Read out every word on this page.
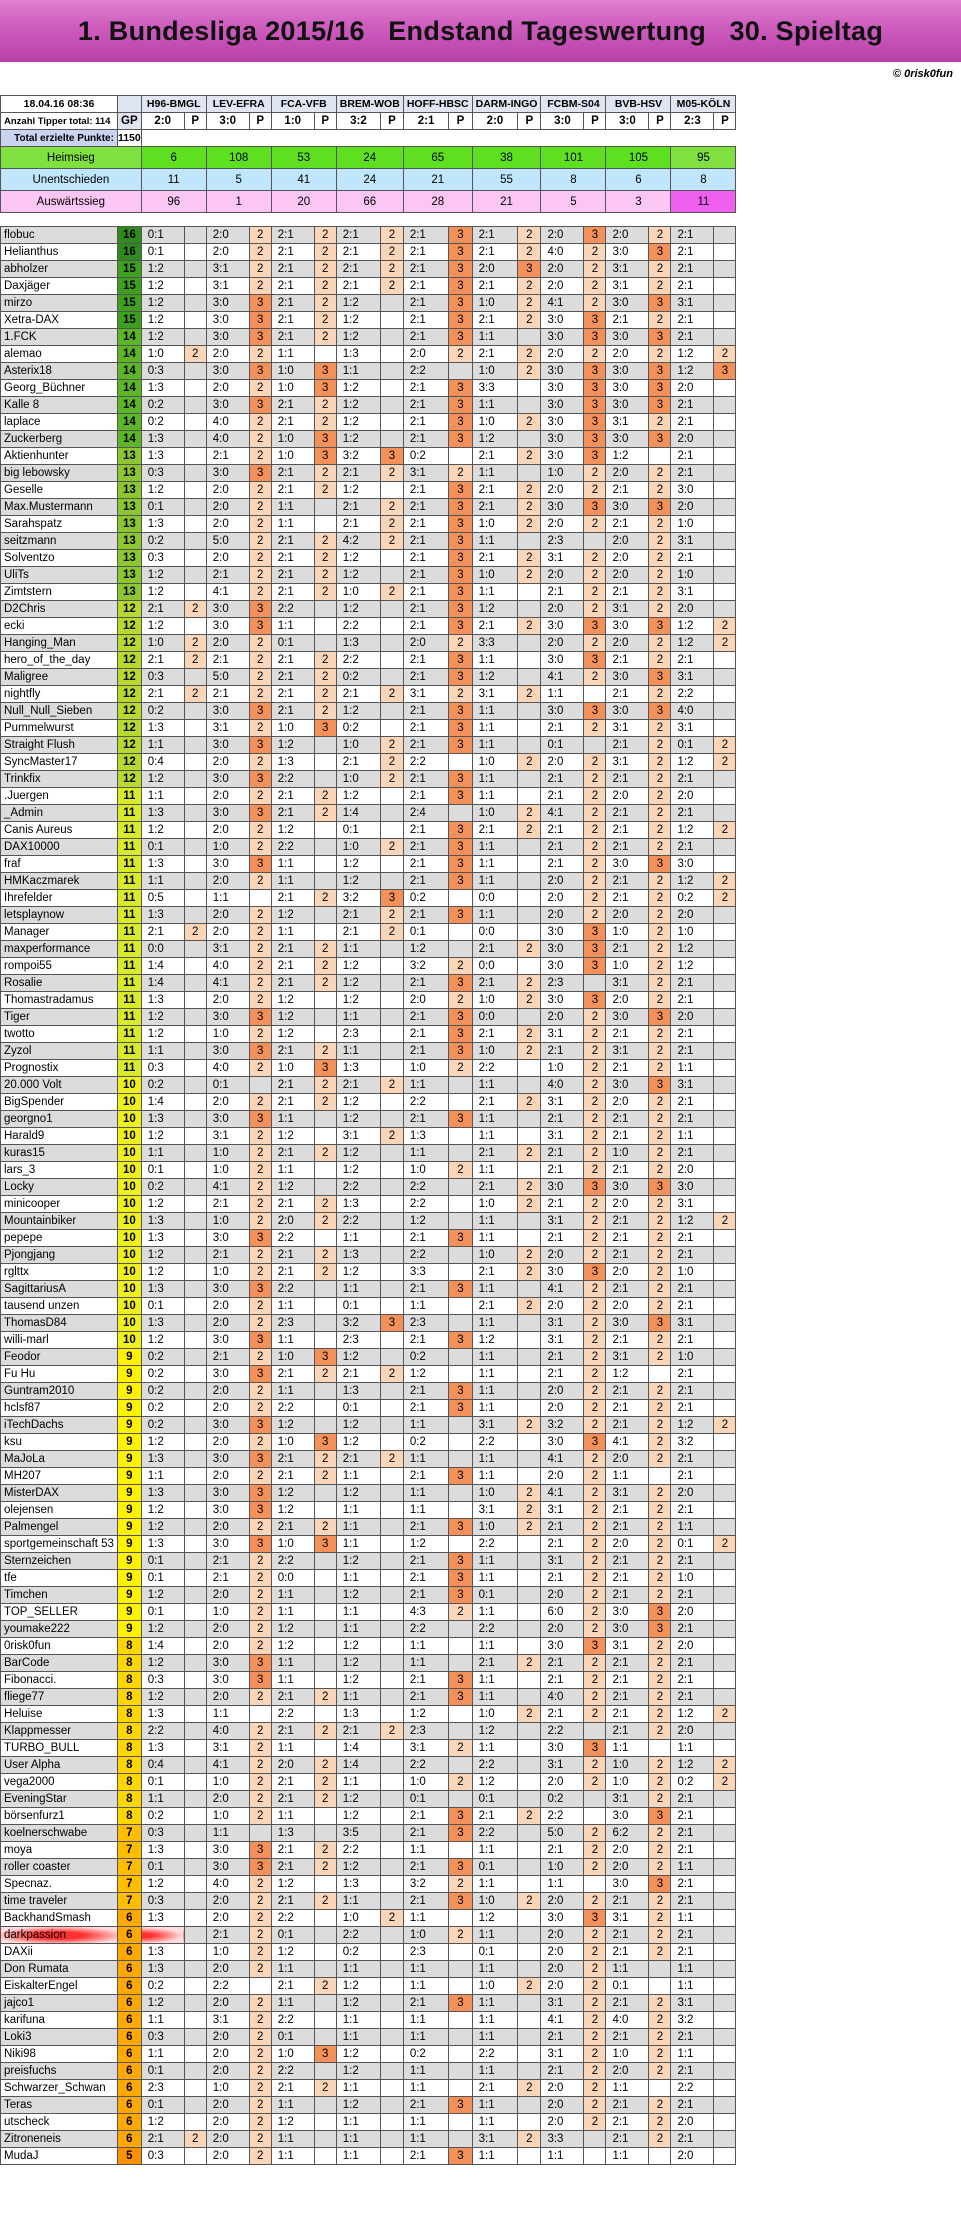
1. Bundesliga 2015/16   Endstand Tageswertung   30. Spieltag
© 0risk0fun
18.04.16 08:36		H96-BMGL		LEV-EFRA		FCA-VFB		BREM-WOB		HOFF-HBSC		DARM-INGO		FCBM-S04		BVB-HSV		M05-KÖLN	
Anzahl Tipper total: 114	GP	2:0	P	3:0	P	1:0	P	3:2	P	2:1	P	2:0	P	3:0	P	3:0	P	2:3	P
Total erzielte Punkte:	1150																		
Heimsieg		6		108		53		24		65		38		101		105		95	
Unentschieden		11		5		41		24		21		55		8		6		8	
Auswärtssieg		96		1		20		66		28		21		5		3		11	

flobuc	16	0:1		2:0	2	2:1	2	2:1	2	2:1	3	2:1	2	2:0	3	2:0	2	2:1	
Helianthus	16	0:1		2:0	2	2:1	2	2:1	2	2:1	3	2:1	2	4:0	2	3:0	3	2:1	
abholzer	15	1:2		3:1	2	2:1	2	2:1	2	2:1	3	2:0	3	2:0	2	3:1	2	2:1	
Daxjäger	15	1:2		3:1	2	2:1	2	2:1	2	2:1	3	2:1	2	2:0	2	3:1	2	2:1	
mirzo	15	1:2		3:0	3	2:1	2	1:2		2:1	3	1:0	2	4:1	2	3:0	3	3:1	
Xetra-DAX	15	1:2		3:0	3	2:1	2	1:2		2:1	3	2:1	2	3:0	3	2:1	2	2:1	
1.FCK	14	1:2		3:0	3	2:1	2	1:2		2:1	3	1:1		3:0	3	3:0	3	2:1	
alemao	14	1:0	2	2:0	2	1:1		1:3		2:0	2	2:1	2	2:0	2	2:0	2	1:2	2
Asterix18	14	0:3		3:0	3	1:0	3	1:1		2:2		1:0	2	3:0	3	3:0	3	1:2	3
Georg_Büchner	14	1:3		2:0	2	1:0	3	1:2		2:1	3	3:3		3:0	3	3:0	3	2:0	
Kalle 8	14	0:2		3:0	3	2:1	2	1:2		2:1	3	1:1		3:0	3	3:0	3	2:1	
laplace	14	0:2		4:0	2	2:1	2	1:2		2:1	3	1:0	2	3:0	3	3:1	2	2:1	
Zuckerberg	14	1:3		4:0	2	1:0	3	1:2		2:1	3	1:2		3:0	3	3:0	3	2:0	
Aktienhunter	13	1:3		2:1	2	1:0	3	3:2	3	0:2		2:1	2	3:0	3	1:2		2:1	
big lebowsky	13	0:3		3:0	3	2:1	2	2:1	2	3:1	2	1:1		1:0	2	2:0	2	2:1	
Geselle	13	1:2		2:0	2	2:1	2	1:2		2:1	3	2:1	2	2:0	2	2:1	2	3:0	
Max.Mustermann	13	0:1		2:0	2	1:1		2:1	2	2:1	3	2:1	2	3:0	3	3:0	3	2:0	
Sarahspatz	13	1:3		2:0	2	1:1		2:1	2	2:1	3	1:0	2	2:0	2	2:1	2	1:0	
seitzmann	13	0:2		5:0	2	2:1	2	4:2	2	2:1	3	1:1		2:3		2:0	2	3:1	
Solventzo	13	0:3		2:0	2	2:1	2	1:2		2:1	3	2:1	2	3:1	2	2:0	2	2:1	
UliTs	13	1:2		2:1	2	2:1	2	1:2		2:1	3	1:0	2	2:0	2	2:0	2	1:0	
Zimtstern	13	1:2		4:1	2	2:1	2	1:0	2	2:1	3	1:1		2:1	2	2:1	2	3:1	
D2Chris	12	2:1	2	3:0	3	2:2		1:2		2:1	3	1:2		2:0	2	3:1	2	2:0	
ecki	12	1:2		3:0	3	1:1		2:2		2:1	3	2:1	2	3:0	3	3:0	3	1:2	2
Hanging_Man	12	1:0	2	2:0	2	0:1		1:3		2:0	2	3:3		2:0	2	2:0	2	1:2	2
hero_of_the_day	12	2:1	2	2:1	2	2:1	2	2:2		2:1	3	1:1		3:0	3	2:1	2	2:1	
Maligree	12	0:3		5:0	2	2:1	2	0:2		2:1	3	1:2		4:1	2	3:0	3	3:1	
nightfly	12	2:1	2	2:1	2	2:1	2	2:1	2	3:1	2	3:1	2	1:1		2:1	2	2:2	
Null_Null_Sieben	12	0:2		3:0	3	2:1	2	1:2		2:1	3	1:1		3:0	3	3:0	3	4:0	
Pummelwurst	12	1:3		3:1	2	1:0	3	0:2		2:1	3	1:1		2:1	2	3:1	2	3:1	
Straight Flush	12	1:1		3:0	3	1:2		1:0	2	2:1	3	1:1		0:1		2:1	2	0:1	2
SyncMaster17	12	0:4		2:0	2	1:3		2:1	2	2:2		1:0	2	2:0	2	3:1	2	1:2	2
Trinkfix	12	1:2		3:0	3	2:2		1:0	2	2:1	3	1:1		2:1	2	2:1	2	2:1	
.Juergen	11	1:1		2:0	2	2:1	2	1:2		2:1	3	1:1		2:1	2	2:0	2	2:0	
_Admin	11	1:3		3:0	3	2:1	2	1:4		2:4		1:0	2	4:1	2	2:1	2	2:1	
Canis Aureus	11	1:2		2:0	2	1:2		0:1		2:1	3	2:1	2	2:1	2	2:1	2	1:2	2
DAX10000	11	0:1		1:0	2	2:2		1:0	2	2:1	3	1:1		2:1	2	2:1	2	2:1	
fraf	11	1:3		3:0	3	1:1		1:2		2:1	3	1:1		2:1	2	3:0	3	3:0	
HMKaczmarek	11	1:1		2:0	2	1:1		1:2		2:1	3	1:1		2:0	2	2:1	2	1:2	2
Ihrefelder	11	0:5		1:1		2:1	2	3:2	3	0:2		0:0		2:0	2	2:1	2	0:2	2
letsplaynow	11	1:3		2:0	2	1:2		2:1	2	2:1	3	1:1		2:0	2	2:0	2	2:0	
Manager	11	2:1	2	2:0	2	1:1		2:1	2	0:1		0:0		3:0	3	1:0	2	1:0	
maxperformance	11	0:0		3:1	2	2:1	2	1:1		1:2		2:1	2	3:0	3	2:1	2	1:2	
rompoi55	11	1:4		4:0	2	2:1	2	1:2		3:2	2	0:0		3:0	3	1:0	2	1:2	
Rosalie	11	1:4		4:1	2	2:1	2	1:2		2:1	3	2:1	2	2:3		3:1	2	2:1	
Thomastradamus	11	1:3		2:0	2	1:2		1:2		2:0	2	1:0	2	3:0	3	2:0	2	2:1	
Tiger	11	1:2		3:0	3	1:2		1:1		2:1	3	0:0		2:0	2	3:0	3	2:0	
twotto	11	1:2		1:0	2	1:2		2:3		2:1	3	2:1	2	3:1	2	2:1	2	2:1	
Zyzol	11	1:1		3:0	3	2:1	2	1:1		2:1	3	1:0	2	2:1	2	3:1	2	2:1	
Prognostix	11	0:3		4:0	2	1:0	3	1:3		1:0	2	2:2		1:0	2	2:1	2	1:1	
20.000 Volt	10	0:2		0:1		2:1	2	2:1	2	1:1		1:1		4:0	2	3:0	3	3:1	
BigSpender	10	1:4		2:0	2	2:1	2	1:2		2:2		2:1	2	3:1	2	2:0	2	2:1	
georgno1	10	1:3		3:0	3	1:1		1:2		2:1	3	1:1		2:1	2	2:1	2	2:1	
Harald9	10	1:2		3:1	2	1:2		3:1	2	1:3		1:1		3:1	2	2:1	2	1:1	
kuras15	10	1:1		1:0	2	2:1	2	1:2		1:1		2:1	2	2:1	2	1:0	2	2:1	
lars_3	10	0:1		1:0	2	1:1		1:2		1:0	2	1:1		2:1	2	2:1	2	2:0	
Locky	10	0:2		4:1	2	1:2		2:2		2:2		2:1	2	3:0	3	3:0	3	3:0	
minicooper	10	1:2		2:1	2	2:1	2	1:3		2:2		1:0	2	2:1	2	2:0	2	3:1	
Mountainbiker	10	1:3		1:0	2	2:0	2	2:2		1:2		1:1		3:1	2	2:1	2	1:2	2
pepepe	10	1:3		3:0	3	2:2		1:1		2:1	3	1:1		2:1	2	2:1	2	2:1	
Pjongjang	10	1:2		2:1	2	2:1	2	1:3		2:2		1:0	2	2:0	2	2:1	2	2:1	
rglttx	10	1:2		1:0	2	2:1	2	1:2		3:3		2:1	2	3:0	3	2:0	2	1:0	
SagittariusA	10	1:3		3:0	3	2:2		1:1		2:1	3	1:1		4:1	2	2:1	2	2:1	
tausend unzen	10	0:1		2:0	2	1:1		0:1		1:1		2:1	2	2:0	2	2:0	2	2:1	
ThomasD84	10	1:3		2:0	2	2:3		3:2	3	2:3		1:1		3:1	2	3:0	3	3:1	
willi-marl	10	1:2		3:0	3	1:1		2:3		2:1	3	1:2		3:1	2	2:1	2	2:1	
Feodor	9	0:2		2:1	2	1:0	3	1:2		0:2		1:1		2:1	2	3:1	2	1:0	
Fu Hu	9	0:2		3:0	3	2:1	2	2:1	2	1:2		1:1		2:1	2	1:2		2:1	
Guntram2010	9	0:2		2:0	2	1:1		1:3		2:1	3	1:1		2:0	2	2:1	2	2:1	
hclsf87	9	0:2		2:0	2	2:2		0:1		2:1	3	1:1		2:0	2	2:1	2	2:1	
iTechDachs	9	0:2		3:0	3	1:2		1:2		1:1		3:1	2	3:2	2	2:1	2	1:2	2
ksu	9	1:2		2:0	2	1:0	3	1:2		0:2		2:2		3:0	3	4:1	2	3:2	
MaJoLa	9	1:3		3:0	3	2:1	2	2:1	2	1:1		1:1		4:1	2	2:0	2	2:1	
MH207	9	1:1		2:0	2	2:1	2	1:1		2:1	3	1:1		2:0	2	1:1		2:1	
MisterDAX	9	1:3		3:0	3	1:2		1:2		1:1		1:0	2	4:1	2	3:1	2	2:0	
olejensen	9	1:2		3:0	3	1:2		1:1		1:1		3:1	2	3:1	2	2:1	2	2:1	
Palmengel	9	1:2		2:0	2	2:1	2	1:1		2:1	3	1:0	2	2:1	2	2:1	2	1:1	
sportgemeinschaft 53	9	1:3		3:0	3	1:0	3	1:1		1:2		2:2		2:1	2	2:0	2	0:1	2
Sternzeichen	9	0:1		2:1	2	2:2		1:2		2:1	3	1:1		3:1	2	2:1	2	2:1	
tfe	9	0:1		2:1	2	0:0		1:1		2:1	3	1:1		2:1	2	2:1	2	1:0	
Timchen	9	1:2		2:0	2	1:1		1:2		2:1	3	0:1		2:0	2	2:1	2	2:1	
TOP_SELLER	9	0:1		1:0	2	1:1		1:1		4:3	2	1:1		6:0	2	3:0	3	2:0	
youmake222	9	1:2		2:0	2	1:2		1:1		2:2		2:2		2:0	2	3:0	3	2:1	
0risk0fun	8	1:4		2:0	2	1:2		1:2		1:1		1:1		3:0	3	3:1	2	2:0	
BarCode	8	1:2		3:0	3	1:1		1:2		1:1		2:1	2	2:1	2	2:1	2	2:1	
Fibonacci.	8	0:3		3:0	3	1:1		1:2		2:1	3	1:1		2:1	2	2:1	2	2:1	
fliege77	8	1:2		2:0	2	2:1	2	1:1		2:1	3	1:1		4:0	2	2:1	2	2:1	
Heluise	8	1:3		1:1		2:2		1:3		1:2		1:0	2	2:1	2	2:1	2	1:2	2
Klappmesser	8	2:2		4:0	2	2:1	2	2:1	2	2:3		1:2		2:2		2:1	2	2:0	
TURBO_BULL	8	1:3		3:1	2	1:1		1:4		3:1	2	1:1		3:0	3	1:1		1:1	
User Alpha	8	0:4		4:1	2	2:0	2	1:4		2:2		2:2		3:1	2	1:0	2	1:2	2
vega2000	8	0:1		1:0	2	2:1	2	1:1		1:0	2	1:2		2:0	2	1:0	2	0:2	2
EveningStar	8	1:1		2:0	2	2:1	2	1:2		0:1		0:1		0:2		3:1	2	2:1	
börsenfurz1	8	0:2		1:0	2	1:1		1:2		2:1	3	2:1	2	2:2		3:0	3	2:1	
koelnerschwabe	7	0:3		1:1		1:3		3:5		2:1	3	2:2		5:0	2	6:2	2	2:1	
moya	7	1:3		3:0	3	2:1	2	2:2		1:1		1:1		2:1	2	2:0	2	2:1	
roller coaster	7	0:1		3:0	3	2:1	2	1:2		2:1	3	0:1		1:0	2	2:0	2	1:1	
Specnaz.	7	1:2		4:0	2	1:2		1:3		3:2	2	1:1		1:1		3:0	3	2:1	
time traveler	7	0:3		2:0	2	2:1	2	1:1		2:1	3	1:0	2	2:0	2	2:1	2	2:1	
BackhandSmash	6	1:3		2:0	2	2:2		1:0	2	1:1		1:2		3:0	3	3:1	2	1:1	
darkpassion	6			2:1	2	0:1		2:2		1:0	2	1:1		2:0	2	2:1	2	2:1	
DAXii	6	1:3		1:0	2	1:2		0:2		2:3		0:1		2:0	2	2:1	2	2:1	
Don Rumata	6	1:3		2:0	2	1:1		1:1		1:1		1:1		2:0	2	1:1		1:1	
EiskalterEngel	6	0:2		2:2		2:1	2	1:2		1:1		1:0	2	2:0	2	0:1		1:1	
jajco1	6	1:2		2:0	2	1:1		1:2		2:1	3	1:1		3:1	2	2:1	2	3:1	
karifuna	6	1:1		3:1	2	2:2		1:1		1:1		1:1		4:1	2	4:0	2	3:2	
Loki3	6	0:3		2:0	2	0:1		1:1		1:1		1:1		2:1	2	2:1	2	2:1	
Niki98	6	1:1		2:0	2	1:0	3	1:2		0:2		2:2		3:1	2	1:0	2	1:1	
preisfuchs	6	0:1		2:0	2	2:2		1:2		1:1		1:1		2:1	2	2:0	2	2:1	
Schwarzer_Schwan	6	2:3		1:0	2	2:1	2	1:1		1:1		2:1	2	2:0	2	1:1		2:2	
Teras	6	0:1		2:0	2	1:1		1:2		2:1	3	1:1		2:0	2	2:1	2	2:1	
utscheck	6	1:2		2:0	2	1:2		1:1		1:1		1:1		2:0	2	2:1	2	2:0	
Zitroneneis	6	2:1	2	2:0	2	1:1		1:1		1:1		3:1	2	3:3		2:1	2	2:1	
MudaJ	5	0:3		2:0	2	1:1		1:1		2:1	3	1:1		1:1		1:1		2:0	
